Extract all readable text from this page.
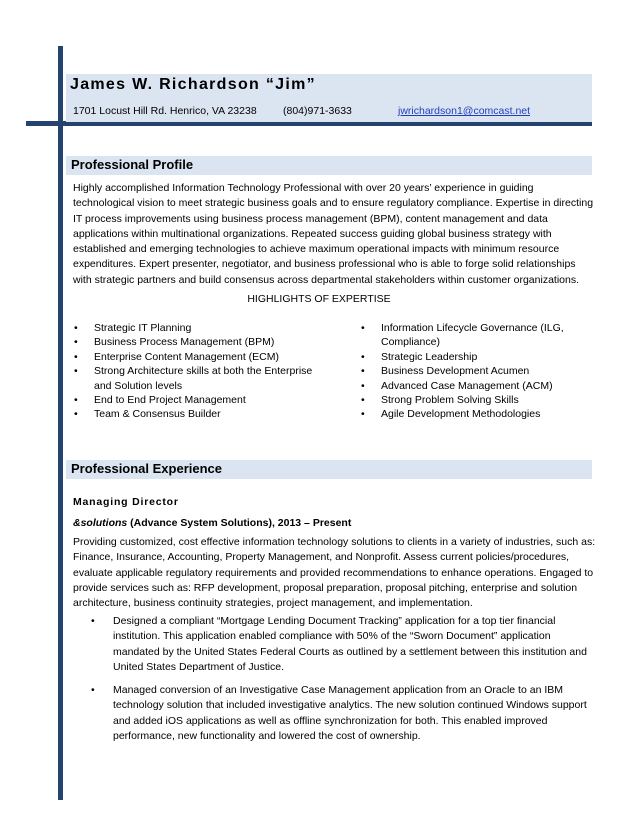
James W. Richardson “Jim”
1701 Locust Hill Rd. Henrico, VA 23238	(804)971-3633	jwrichardson1@comcast.net
Professional Profile

Highly accomplished Information Technology Professional with over 20 years’ experience in guiding technological vision to meet strategic business goals and to ensure regulatory compliance. Expertise in directing IT process improvements using business process management (BPM), content management and data applications within multinational organizations. Repeated success guiding global business strategy with established and emerging technologies to achieve maximum operational impacts with minimum resource expenditures. Expert presenter, negotiator, and business professional who is able to forge solid relationships with strategic partners and build consensus across departmental stakeholders within customer organizations.

HIGHLIGHTS OF EXPERTISE
• Strategic IT Planning
• Business Process Management (BPM)
• Enterprise Content Management (ECM)
• Strong Architecture skills at both the Enterprise and Solution levels
• End to End Project Management
• Team & Consensus Builder
• Information Lifecycle Governance (ILG, Compliance)
• Strategic Leadership
• Business Development Acumen
• Advanced Case Management (ACM)
• Strong Problem Solving Skills
• Agile Development Methodologies
Professional Experience
Managing Director
&solutions (Advance System Solutions), 2013 – Present

Providing customized, cost effective information technology solutions to clients in a variety of industries, such as: Finance, Insurance, Accounting, Property Management, and Nonprofit. Assess current policies/procedures, evaluate applicable regulatory requirements and provided recommendations to enhance operations. Engaged to provide services such as: RFP development, proposal preparation, proposal pitching, enterprise and solution architecture, business continuity strategies, project management, and implementation.

• Designed a compliant “Mortgage Lending Document Tracking” application for a top tier financial institution. This application enabled compliance with 50% of the “Sworn Document” application mandated by the United States Federal Courts as outlined by a settlement between this institution and United States Department of Justice.
• Managed conversion of an Investigative Case Management application from an Oracle to an IBM technology solution that included investigative analytics. The new solution continued Windows support and added iOS applications as well as offline synchronization for both. This enabled improved performance, new functionality and lowered the cost of ownership.
